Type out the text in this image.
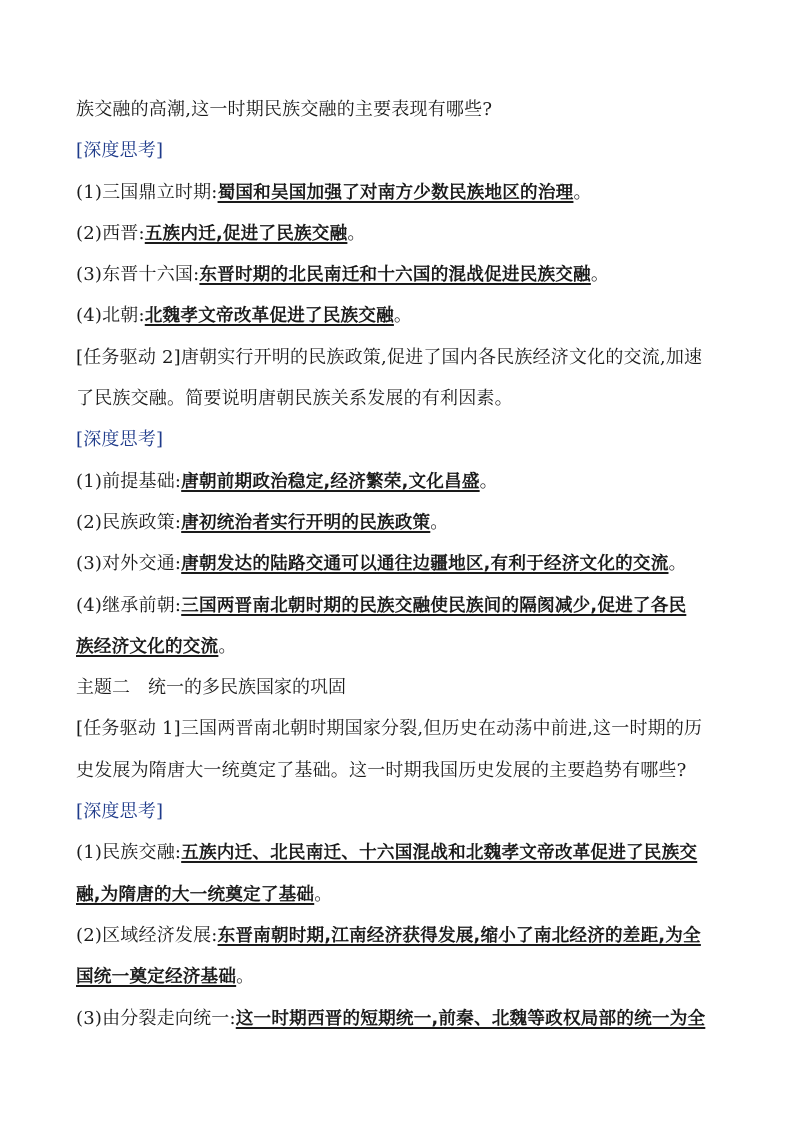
族交融的高潮,这一时期民族交融的主要表现有哪些?
[深度思考]
(1)三国鼎立时期:蜀国和吴国加强了对南方少数民族地区的治理。
(2)西晋:五族内迁,促进了民族交融。
(3)东晋十六国:东晋时期的北民南迁和十六国的混战促进民族交融。
(4)北朝:北魏孝文帝改革促进了民族交融。
[任务驱动 2]唐朝实行开明的民族政策,促进了国内各民族经济文化的交流,加速
了民族交融。简要说明唐朝民族关系发展的有利因素。
[深度思考]
(1)前提基础:唐朝前期政治稳定,经济繁荣,文化昌盛。
(2)民族政策:唐初统治者实行开明的民族政策。
(3)对外交通:唐朝发达的陆路交通可以通往边疆地区,有利于经济文化的交流。
(4)继承前朝:三国两晋南北朝时期的民族交融使民族间的隔阂减少,促进了各民
族经济文化的交流。
主题二 统一的多民族国家的巩固
[任务驱动 1]三国两晋南北朝时期国家分裂,但历史在动荡中前进,这一时期的历
史发展为隋唐大一统奠定了基础。这一时期我国历史发展的主要趋势有哪些?
[深度思考]
(1)民族交融:五族内迁、北民南迁、十六国混战和北魏孝文帝改革促进了民族交
融,为隋唐的大一统奠定了基础。
(2)区域经济发展:东晋南朝时期,江南经济获得发展,缩小了南北经济的差距,为全
国统一奠定经济基础。
(3)由分裂走向统一:这一时期西晋的短期统一,前秦、北魏等政权局部的统一为全
